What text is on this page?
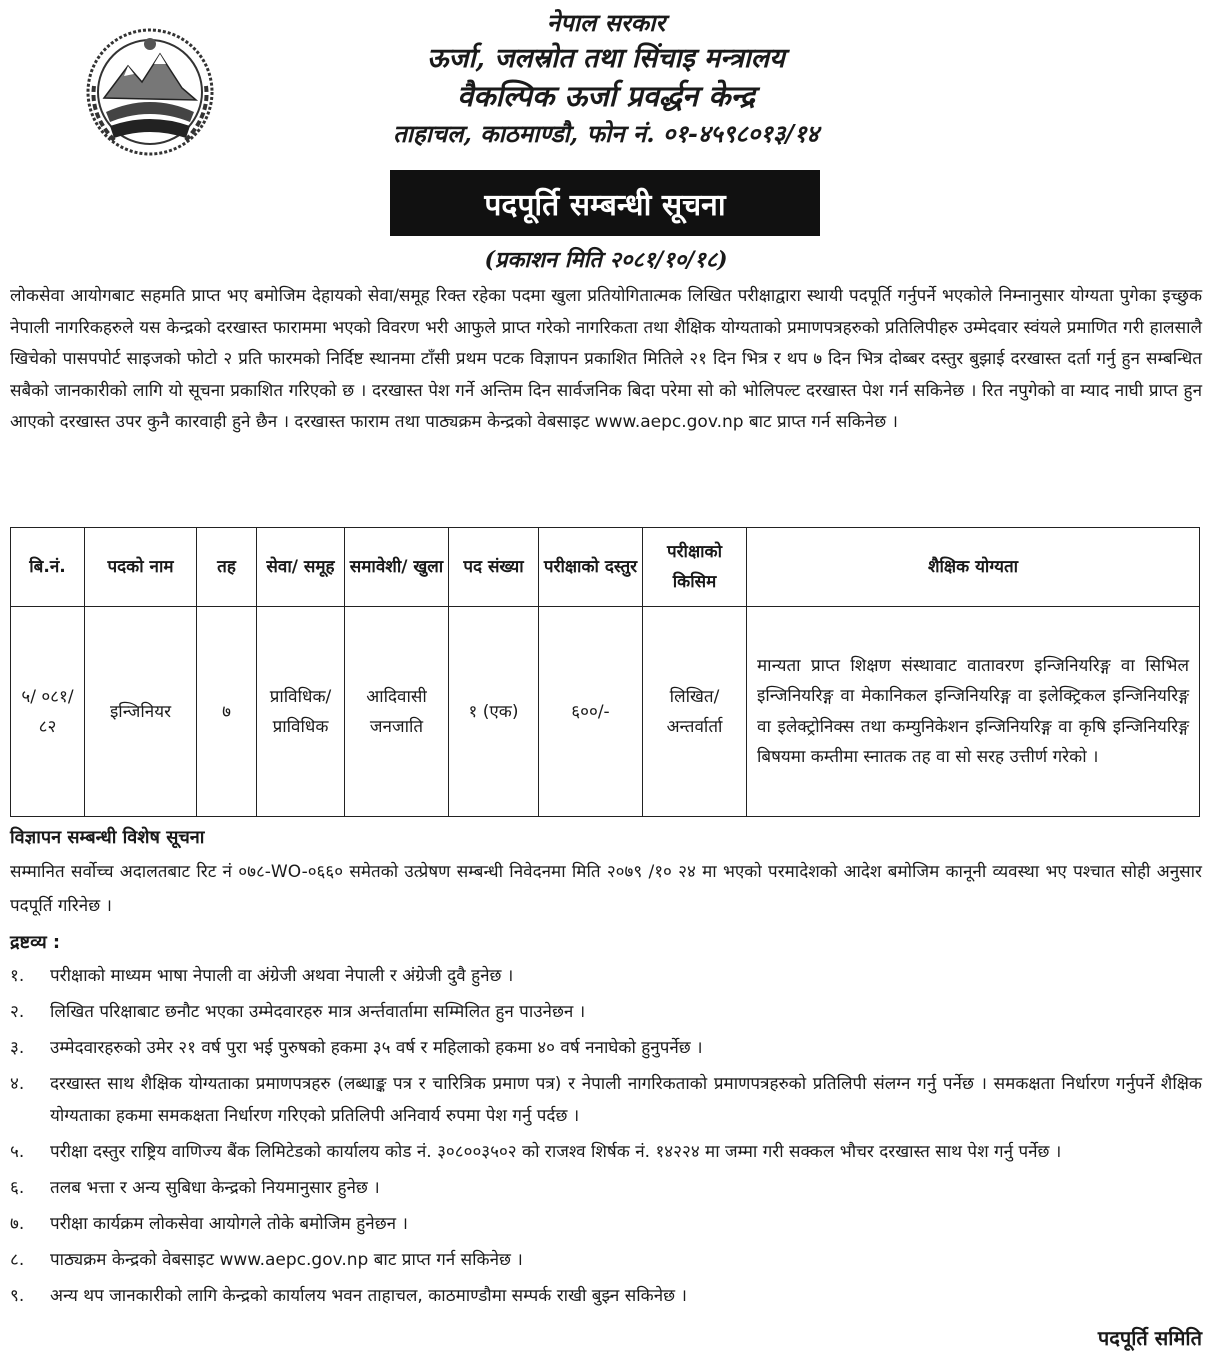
नेपाल सरकार
ऊर्जा, जलस्रोत तथा सिंचाइ मन्त्रालय
वैकल्पिक ऊर्जा प्रवर्द्धन केन्द्र
ताहाचल, काठमाण्डौ, फोन नं. ०१-४५९८०१३/१४
पदपूर्ति सम्बन्धी सूचना
(प्रकाशन मिति २०८१/१०/१८)

लोकसेवा आयोगबाट सहमति प्राप्त भए बमोजिम देहायको सेवा/समूह रिक्त रहेका पदमा खुला प्रतियोगितात्मक लिखित परीक्षाद्वारा स्थायी पदपूर्ति गर्नुपर्ने भएकोले निम्नानुसार योग्यता पुगेका इच्छुक नेपाली नागरिकहरुले यस केन्द्रको दरखास्त फाराममा भएको विवरण भरी आफुले प्राप्त गरेको नागरिकता तथा शैक्षिक योग्यताको प्रमाणपत्रहरुको प्रतिलिपीहरु उम्मेदवार स्वंयले प्रमाणित गरी हालसालै खिचेको पासपपोर्ट साइजको फोटो २ प्रति फारमको निर्दिष्ट स्थानमा टाँसी प्रथम पटक विज्ञापन प्रकाशित मितिले २१ दिन भित्र र थप ७ दिन भित्र दोब्बर दस्तुर बुझाई दरखास्त दर्ता गर्नु हुन सम्बन्धित सबैको जानकारीको लागि यो सूचना प्रकाशित गरिएको छ । दरखास्त पेश गर्ने अन्तिम दिन सार्वजनिक बिदा परेमा सो को भोलिपल्ट दरखास्त पेश गर्न सकिनेछ । रित नपुगेको वा म्याद नाघी प्राप्त हुन आएको दरखास्त उपर कुनै कारवाही हुने छैन । दरखास्त फाराम तथा पाठ्यक्रम केन्द्रको वेबसाइट www.aepc.gov.np बाट प्राप्त गर्न सकिनेछ ।

बि.नं.	पदको नाम	तह	सेवा/ समूह	समावेशी/ खुला	पद संख्या	परीक्षाको दस्तुर	परीक्षाको किसिम	शैक्षिक योग्यता
५/ ०८१/ ८२	इन्जिनियर	७	प्राविधिक/ प्राविधिक	आदिवासी जनजाति	१ (एक)	६००/-	लिखित/ अन्तर्वार्ता	मान्यता प्राप्त शिक्षण संस्थावाट वातावरण इन्जिनियरिङ्ग वा सिभिल इन्जिनियरिङ्ग वा मेकानिकल इन्जिनियरिङ्ग वा इलेक्ट्रिकल इन्जिनियरिङ्ग वा इलेक्ट्रोनिक्स तथा कम्युनिकेशन इन्जिनियरिङ्ग वा कृषि इन्जिनियरिङ्ग बिषयमा कम्तीमा स्नातक तह वा सो सरह उत्तीर्ण गरेको ।
विज्ञापन सम्बन्धी विशेष सूचना

सम्मानित सर्वोच्च अदालतबाट रिट नं ०७८-WO-०६६० समेतको उत्प्रेषण सम्बन्धी निवेदनमा मिति २०७९ /१० २४ मा भएको परमादेशको आदेश बमोजिम कानूनी व्यवस्था भए पश्चात सोही अनुसार पदपूर्ति गरिनेछ ।

द्रष्टव्य :
१.	परीक्षाको माध्यम भाषा नेपाली वा अंग्रेजी अथवा नेपाली र अंग्रेजी दुवै हुनेछ ।
२.	लिखित परिक्षाबाट छनौट भएका उम्मेदवारहरु मात्र अर्न्तवार्तामा सम्मिलित हुन पाउनेछन ।
३.	उम्मेदवारहरुको उमेर २१ वर्ष पुरा भई पुरुषको हकमा ३५ वर्ष र महिलाको हकमा ४० वर्ष ननाघेको हुनुपर्नेछ ।
४.	दरखास्त साथ शैक्षिक योग्यताका प्रमाणपत्रहरु (लब्धाङ्क पत्र र चारित्रिक प्रमाण पत्र) र नेपाली नागरिकताको प्रमाणपत्रहरुको प्रतिलिपी संलग्न गर्नु पर्नेछ । समकक्षता निर्धारण गर्नुपर्ने शैक्षिक योग्यताका हकमा समकक्षता निर्धारण गरिएको प्रतिलिपी अनिवार्य रुपमा पेश गर्नु पर्दछ ।
५.	परीक्षा दस्तुर राष्ट्रिय वाणिज्य बैंक लिमिटेडको कार्यालय कोड नं. ३०८००३५०२ को राजश्व शिर्षक नं. १४२२४ मा जम्मा गरी सक्कल भौचर दरखास्त साथ पेश गर्नु पर्नेछ ।
६.	तलब भत्ता र अन्य सुबिधा केन्द्रको नियमानुसार हुनेछ ।
७.	परीक्षा कार्यक्रम लोकसेवा आयोगले तोके बमोजिम हुनेछन ।
८.	पाठ्यक्रम केन्द्रको वेबसाइट www.aepc.gov.np बाट प्राप्त गर्न सकिनेछ ।
९.	अन्य थप जानकारीको लागि केन्द्रको कार्यालय भवन ताहाचल, काठमाण्डौमा सम्पर्क राखी बुझ्न सकिनेछ ।
पदपूर्ति समिति
